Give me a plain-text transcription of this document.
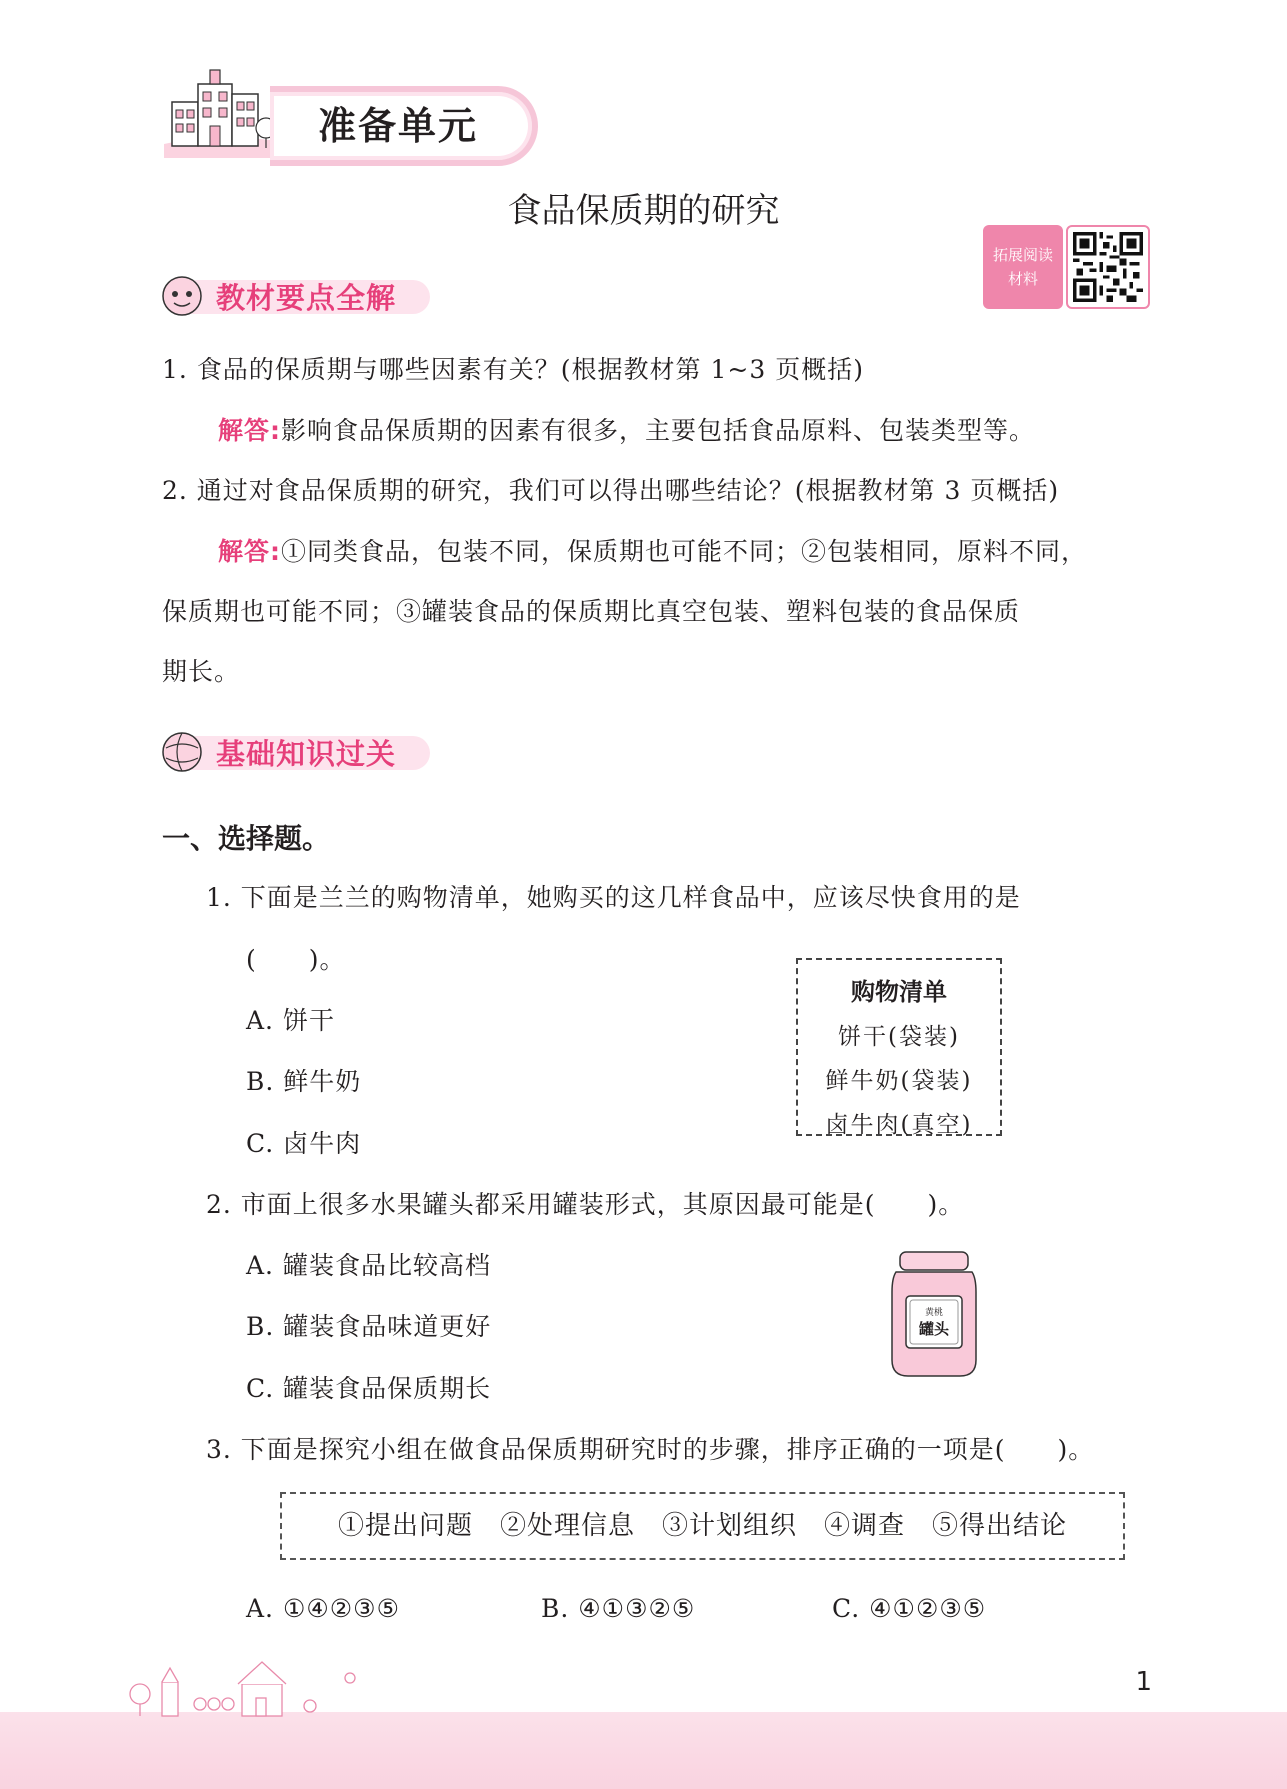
准备单元
食品保质期的研究
拓展阅读
材料
教材要点全解
1. 食品的保质期与哪些因素有关？(根据教材第 1~3 页概括)
解答:影响食品保质期的因素有很多，主要包括食品原料、包装类型等。
2. 通过对食品保质期的研究，我们可以得出哪些结论？(根据教材第 3 页概括)
解答:①同类食品，包装不同，保质期也可能不同；②包装相同，原料不同，
保质期也可能不同；③罐装食品的保质期比真空包装、塑料包装的食品保质
期长。
基础知识过关
一、选择题。
1. 下面是兰兰的购物清单，她购买的这几样食品中，应该尽快食用的是
(　　)。
A. 饼干
B. 鲜牛奶
C. 卤牛肉
购物清单
饼干(袋装)
鲜牛奶(袋装)
卤牛肉(真空)
2. 市面上很多水果罐头都采用罐装形式，其原因最可能是(　　)。
A. 罐装食品比较高档
B. 罐装食品味道更好
C. 罐装食品保质期长
黄桃
罐头
3. 下面是探究小组在做食品保质期研究时的步骤，排序正确的一项是(　　)。
①提出问题　②处理信息　③计划组织　④调查　⑤得出结论
A. ①④②③⑤	B. ④①③②⑤	C. ④①②③⑤
1
